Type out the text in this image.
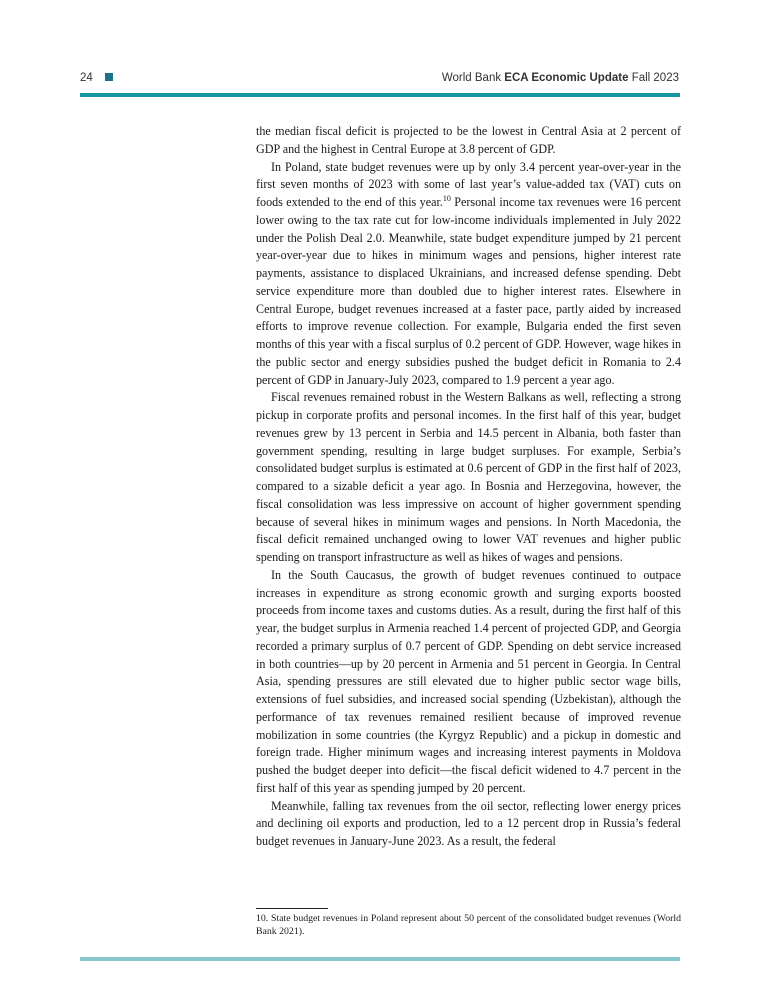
24	World Bank ECA Economic Update Fall 2023

the median fiscal deficit is projected to be the lowest in Central Asia at 2 percent of GDP and the highest in Central Europe at 3.8 percent of GDP.

In Poland, state budget revenues were up by only 3.4 percent year-over-year in the first seven months of 2023 with some of last year’s value-added tax (VAT) cuts on foods extended to the end of this year.$^{10}$ Personal income tax revenues were 16 percent lower owing to the tax rate cut for low-income individuals implemented in July 2022 under the Polish Deal 2.0. Meanwhile, state budget expenditure jumped by 21 percent year-over-year due to hikes in minimum wages and pensions, higher interest rate payments, assistance to displaced Ukrainians, and increased defense spending. Debt service expenditure more than doubled due to higher interest rates. Elsewhere in Central Europe, budget revenues increased at a faster pace, partly aided by increased efforts to improve revenue collection. For example, Bulgaria ended the first seven months of this year with a fiscal surplus of 0.2 percent of GDP. However, wage hikes in the public sector and energy subsidies pushed the budget deficit in Romania to 2.4 percent of GDP in January-July 2023, compared to 1.9 percent a year ago.

Fiscal revenues remained robust in the Western Balkans as well, reflecting a strong pickup in corporate profits and personal incomes. In the first half of this year, budget revenues grew by 13 percent in Serbia and 14.5 percent in Albania, both faster than government spending, resulting in large budget surpluses. For example, Serbia’s consolidated budget surplus is estimated at 0.6 percent of GDP in the first half of 2023, compared to a sizable deficit a year ago. In Bosnia and Herzegovina, however, the fiscal consolidation was less impressive on account of higher government spending because of several hikes in minimum wages and pensions. In North Macedonia, the fiscal deficit remained unchanged owing to lower VAT revenues and higher public spending on transport infrastructure as well as hikes of wages and pensions.

In the South Caucasus, the growth of budget revenues continued to outpace increases in expenditure as strong economic growth and surging exports boosted proceeds from income taxes and customs duties. As a result, during the first half of this year, the budget surplus in Armenia reached 1.4 percent of projected GDP, and Georgia recorded a primary surplus of 0.7 percent of GDP. Spending on debt service increased in both countries—up by 20 percent in Armenia and 51 percent in Georgia. In Central Asia, spending pressures are still elevated due to higher public sector wage bills, extensions of fuel subsidies, and increased social spending (Uzbekistan), although the performance of tax revenues remained resilient because of improved revenue mobilization in some countries (the Kyrgyz Republic) and a pickup in domestic and foreign trade. Higher minimum wages and increasing interest payments in Moldova pushed the budget deeper into deficit—the fiscal deficit widened to 4.7 percent in the first half of this year as spending jumped by 20 percent.

Meanwhile, falling tax revenues from the oil sector, reflecting lower energy prices and declining oil exports and production, led to a 12 percent drop in Russia’s federal budget revenues in January-June 2023. As a result, the federal

10. State budget revenues in Poland represent about 50 percent of the consolidated budget revenues (World Bank 2021).
